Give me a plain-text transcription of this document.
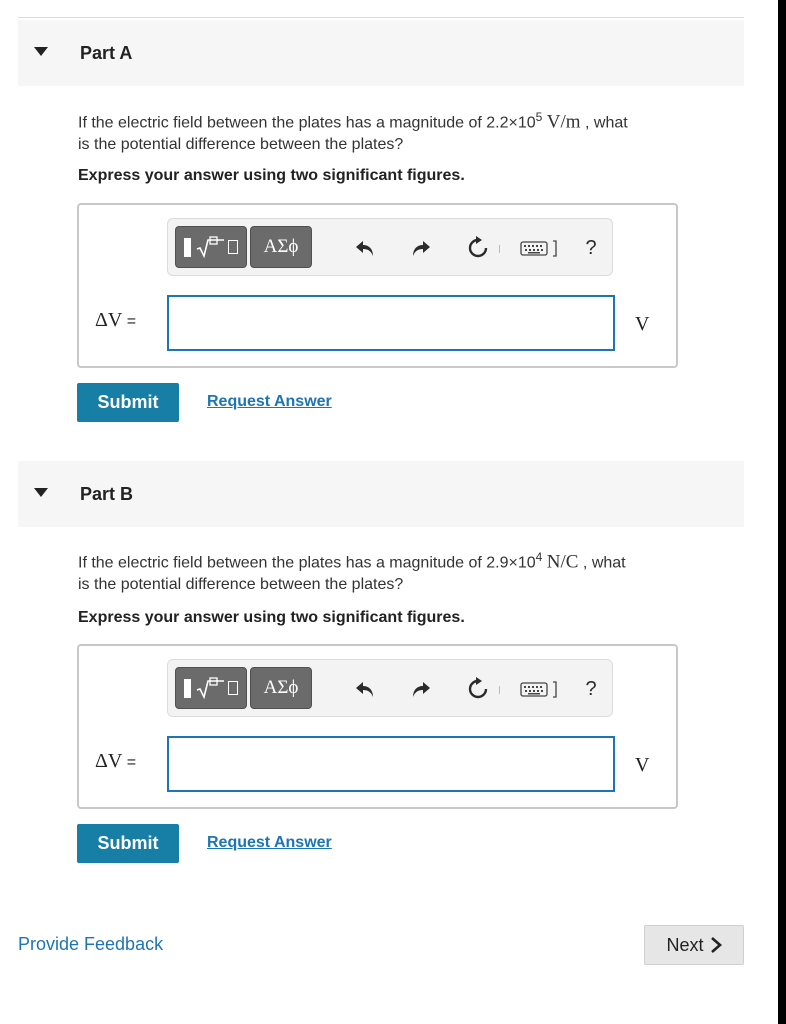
Part A
If the electric field between the plates has a magnitude of $2.2\times 10^5$ V/m , what
is the potential difference between the plates?
Express your answer using two significant figures.
ΑΣϕ	?
ΔV =	V
Submit	Request Answer
Part B
If the electric field between the plates has a magnitude of $2.9\times 10^4$ N/C , what
is the potential difference between the plates?
Express your answer using two significant figures.
ΑΣϕ	?
ΔV =	V
Submit	Request Answer
Provide Feedback	Next
